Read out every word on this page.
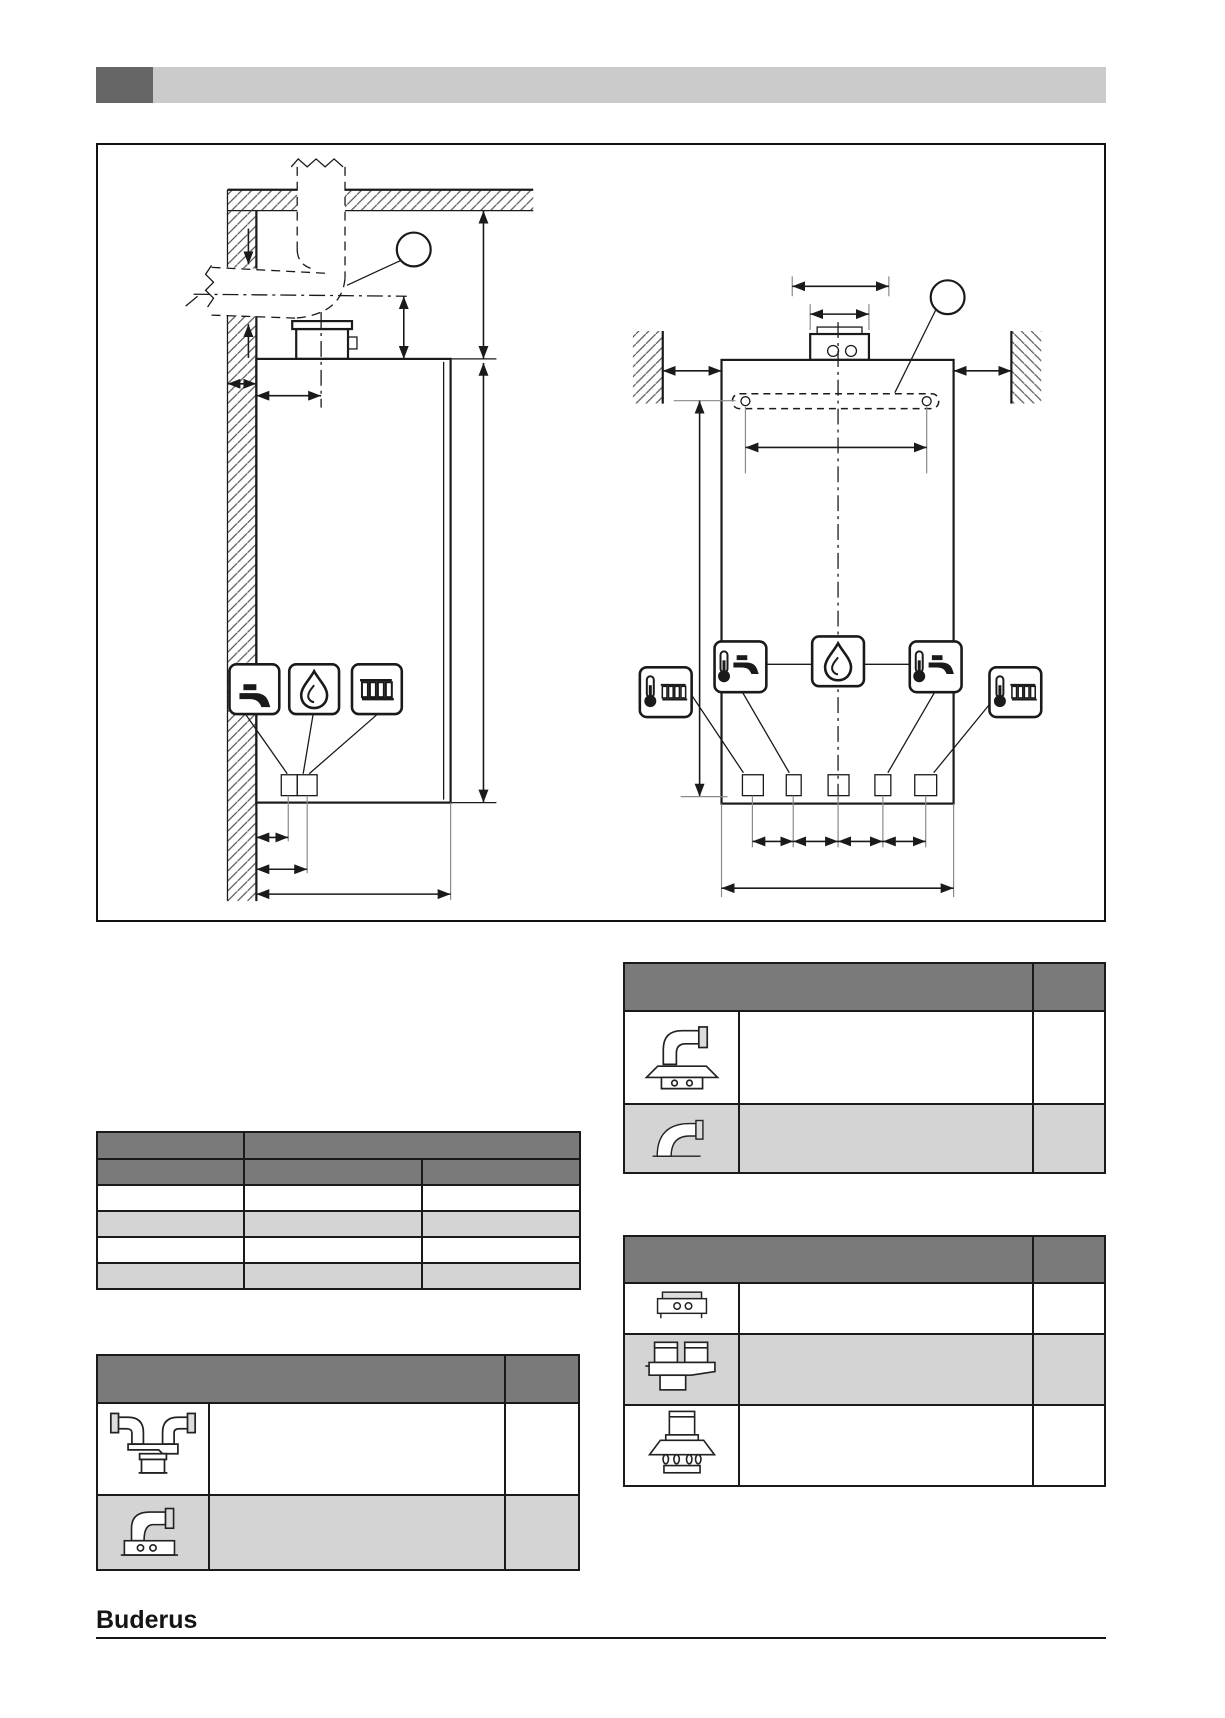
Buderus
